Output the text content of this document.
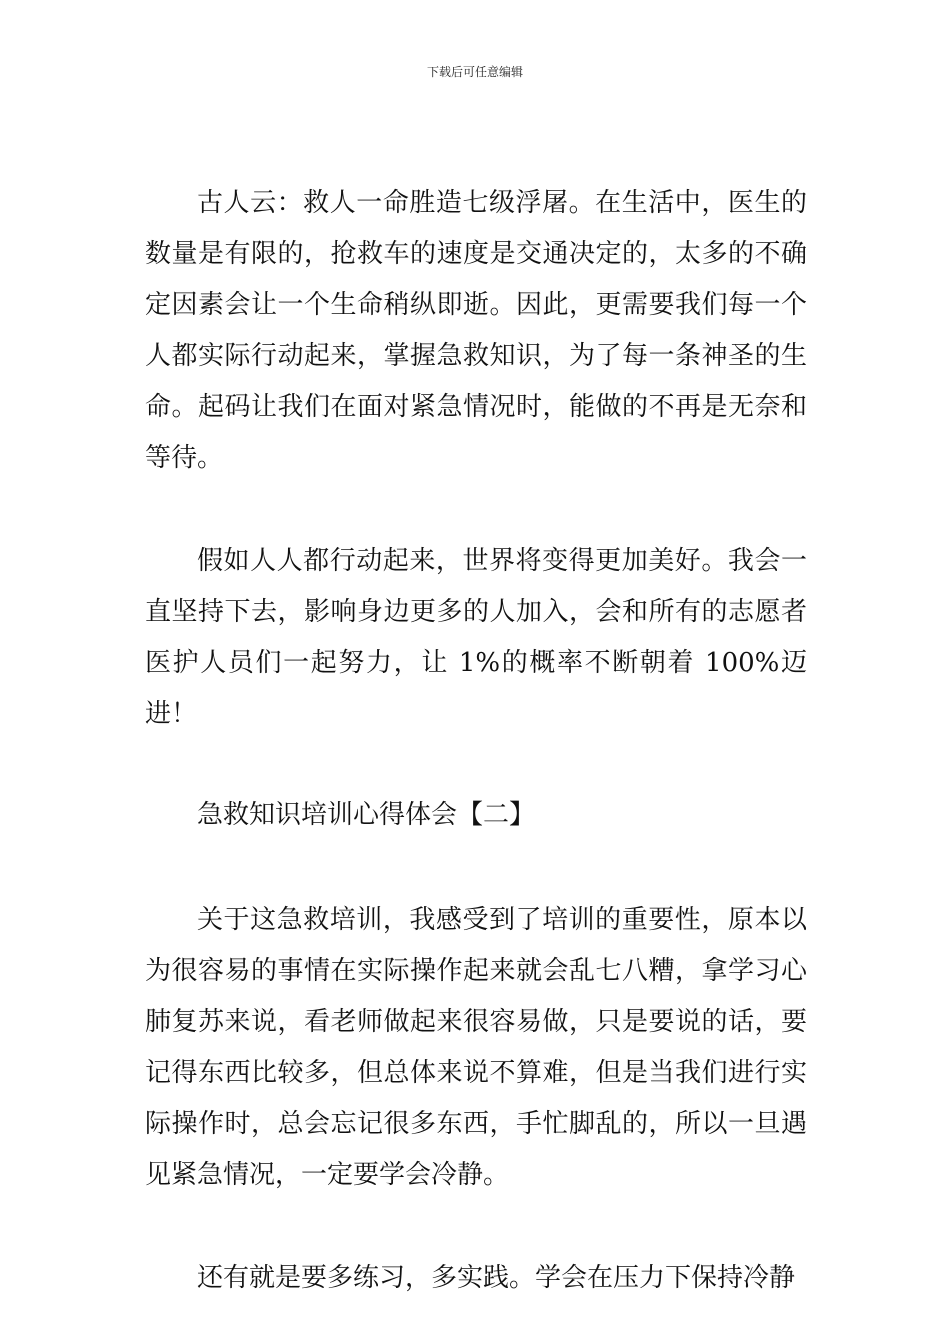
下载后可任意编辑

古人云：救人一命胜造七级浮屠。在生活中，医生的数量是有限的，抢救车的速度是交通决定的，太多的不确定因素会让一个生命稍纵即逝。因此，更需要我们每一个人都实际行动起来，掌握急救知识，为了每一条神圣的生命。起码让我们在面对紧急情况时，能做的不再是无奈和等待。

假如人人都行动起来，世界将变得更加美好。我会一直坚持下去，影响身边更多的人加入，会和所有的志愿者医护人员们一起努力，让 1%的概率不断朝着 100%迈进！

急救知识培训心得体会【二】

关于这急救培训，我感受到了培训的重要性，原本以为很容易的事情在实际操作起来就会乱七八糟，拿学习心肺复苏来说，看老师做起来很容易做，只是要说的话，要记得东西比较多，但总体来说不算难，但是当我们进行实际操作时，总会忘记很多东西，手忙脚乱的，所以一旦遇见紧急情况，一定要学会冷静。

还有就是要多练习，多实践。学会在压力下保持冷静
